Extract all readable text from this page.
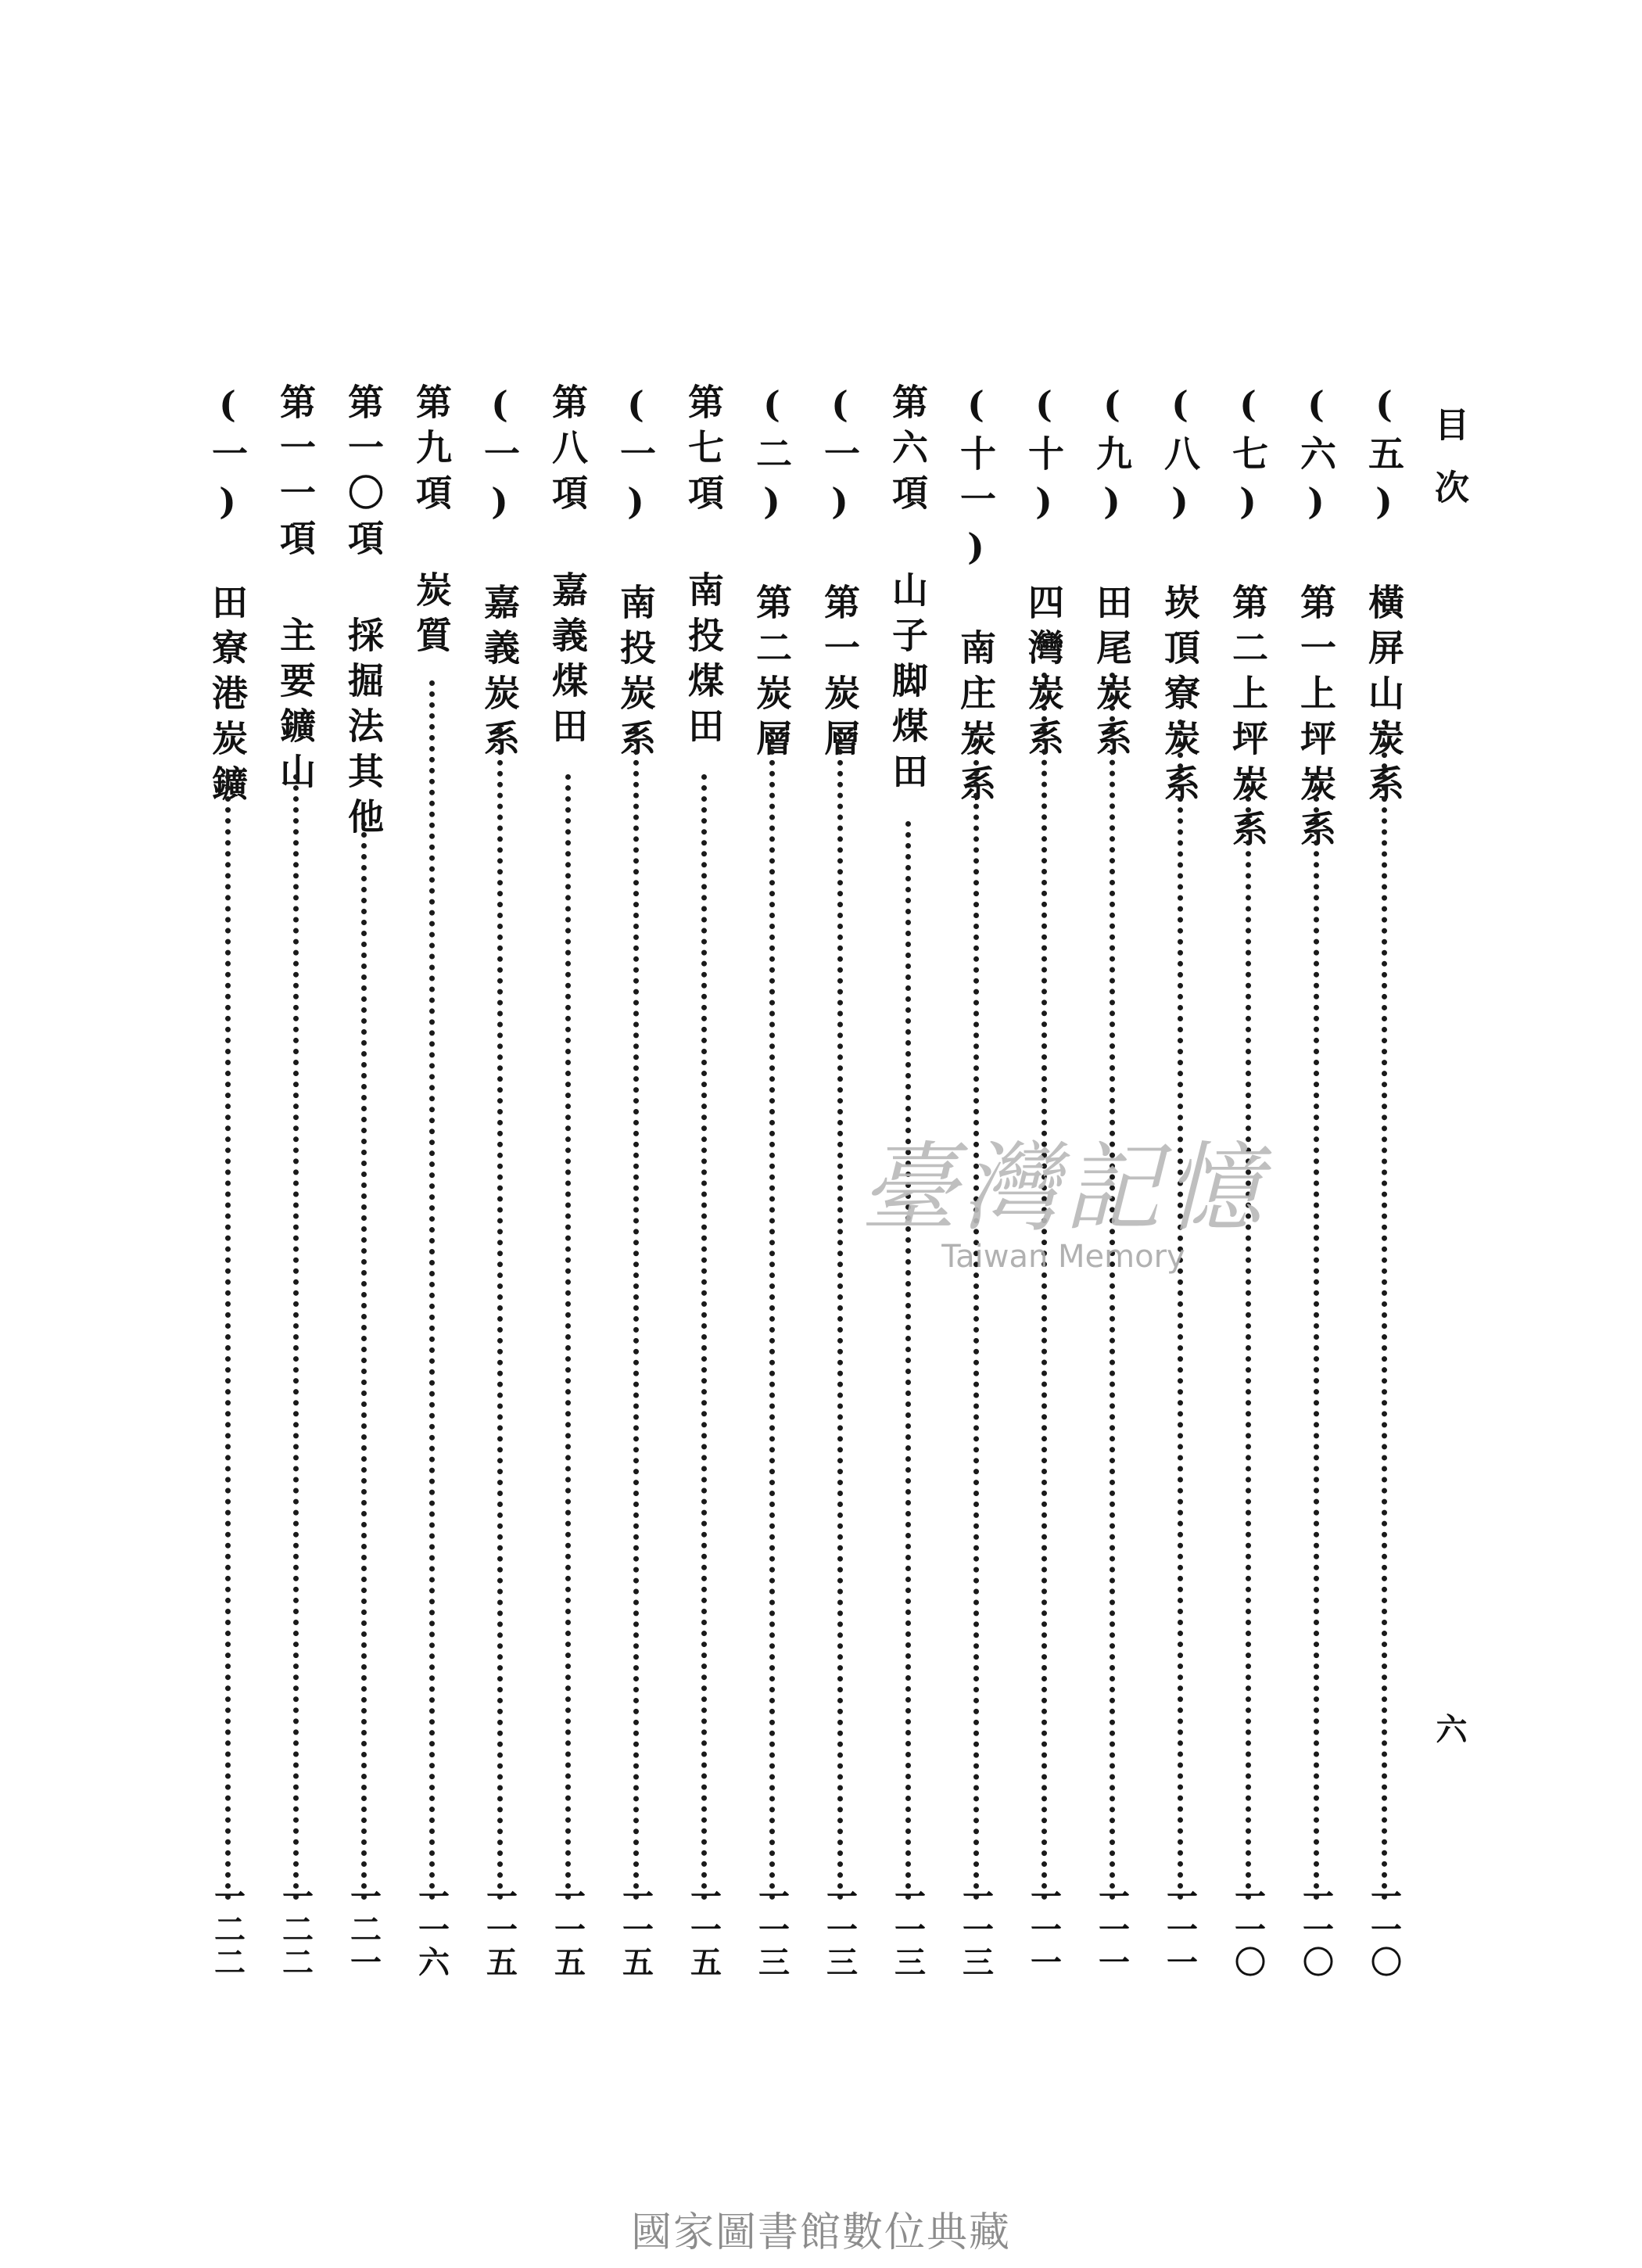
目次
六
(五) 橫屏山炭系
一一〇
(六) 第一上坪炭系
一一〇
(七) 第二上坪炭系
一一〇
(八) 崁頂寮炭系
一一一
(九) 田尾炭系
一一一
(十) 四灣炭系
一一一
(十一) 南庄炭系
一一三
第六項 山子脚煤田
一一三
(一) 第一炭層
一一三
(二) 第二炭層
一一三
第七項 南投煤田
一一五
(一) 南投炭系
一一五
第八項 嘉義煤田
一一五
(一) 嘉義炭系
一一五
第九項 炭質
一一六
第一〇項 採掘法其他
一二一
第一一項 主要鑛山
一二二
(一) 田寮港炭鑛
一二二
臺灣記憶
Taiwan Memory
國家圖書館數位典藏
